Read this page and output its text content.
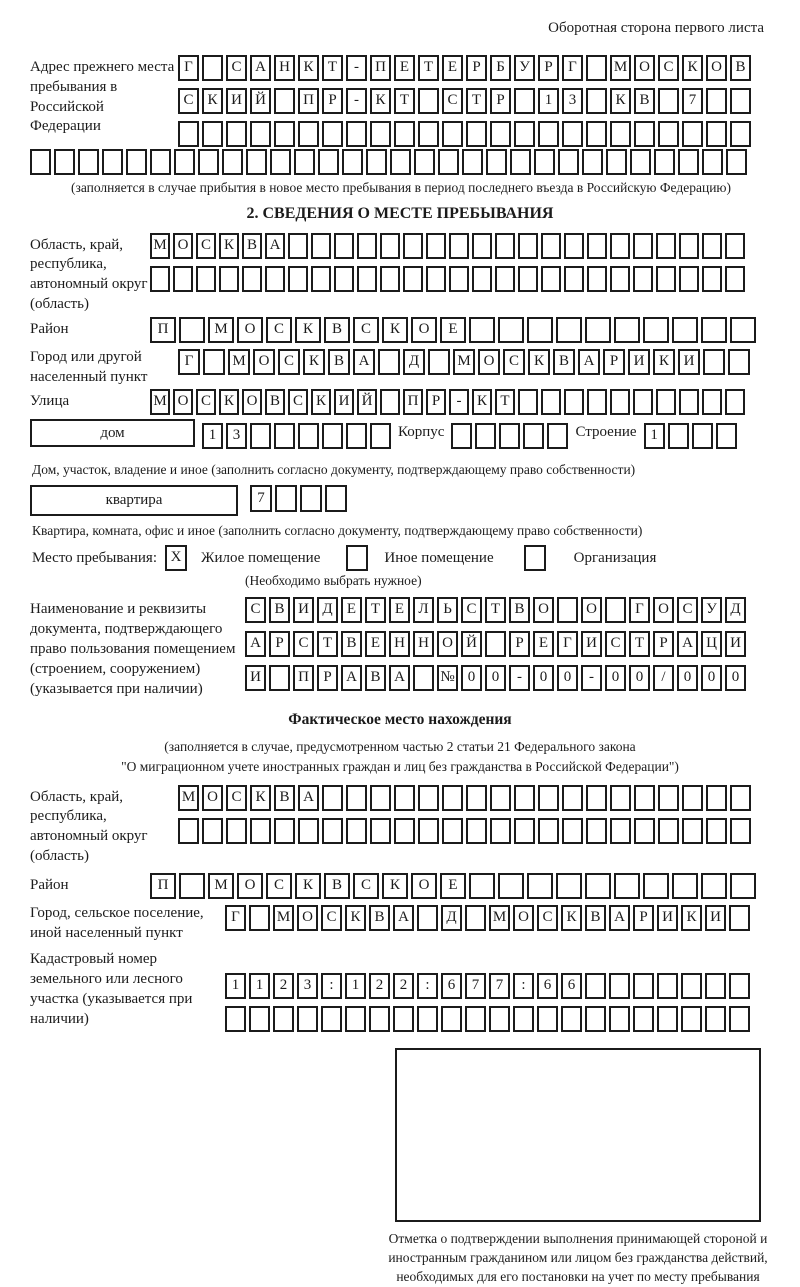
Оборотная сторона первого листа
Адрес прежнего места пребывания в Российской Федерации
Г	С А Н К Т - П Е Т Е Р Б У Р Г М О С К О В
С К И Й П Р - К Т	С Т Р	1 3	К В	7

(заполняется в случае прибытия в новое место пребывания в период последнего въезда в Российскую Федерацию)
2. СВЕДЕНИЯ О МЕСТЕ ПРЕБЫВАНИЯ
Область, край, республика, автономный округ (область)
М О С К В А

Район	П	М О С К В С К О Е
Город или другой населенный пункт
Г	М О С К В А	Д	М О С К В А Р И К И
Улица	М О С К О В С К И Й П Р - К Т
дом	1 3	Корпус	Строение 1
Дом, участок, владение и иное (заполнить согласно документу, подтверждающему право собственности)
квартира	7
Квартира, комната, офис и иное (заполнить согласно документу, подтверждающему право собственности)
Место пребывания: X	Жилое помещение	Иное помещение	Организация
(Необходимо выбрать нужное)
Наименование и реквизиты документа, подтверждающего право пользования помещением (строением, сооружением) (указывается при наличии)
С В И Д Е Т Е Л Ь С Т В О О	Г О С У Д
А Р С Т В Е Н Н О Й	Р Е Г И С Т Р А Ц И
И П Р А В А № 0 0 - 0 0 - 0 0 / 0 0 0
Фактическое место нахождения
(заполняется в случае, предусмотренном частью 2 статьи 21 Федерального закона
"О миграционном учете иностранных граждан и лиц без гражданства в Российской Федерации")
Область, край, республика, автономный округ (область)
М О С К В А

Район	П	М О С К В С К О Е
Город, сельское поселение, иной населенный пункт
Г М О С К В А Д М О С К В А Р И К И
Кадастровый номер земельного или лесного участка (указывается при наличии)
1 1 2 3 : 1 2 2 : 6 7 7 : 6 6

Отметка о подтверждении выполнения принимающей стороной и иностранным гражданином или лицом без гражданства действий, необходимых для его постановки на учет по месту пребывания
